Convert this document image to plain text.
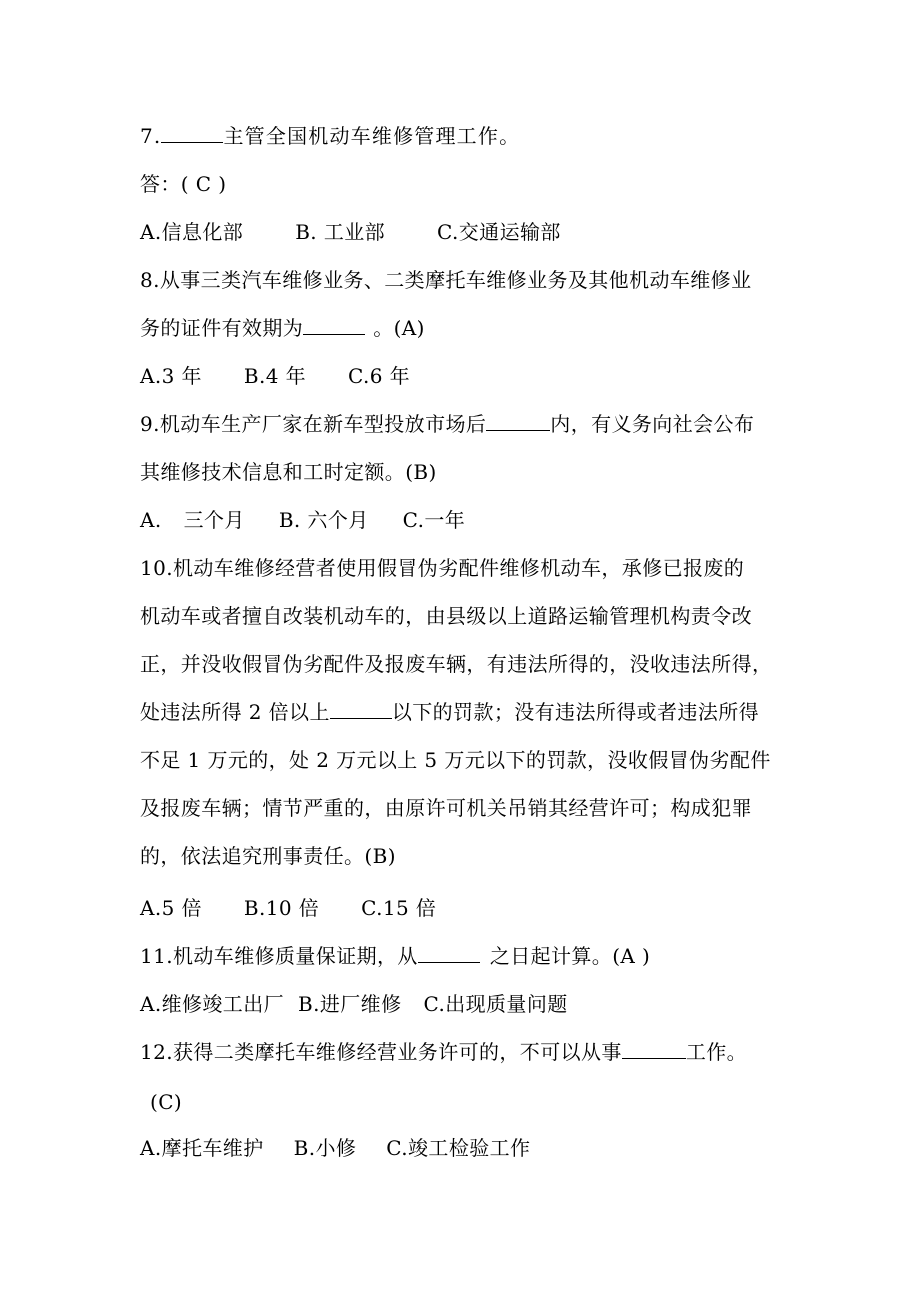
7.	主管全国机动车维修管理工作。
答：( C )
A.信息化部	B. 工业部	C.交通运输部
8.从事三类汽车维修业务、二类摩托车维修业务及其他机动车维修业
务的证件有效期为	。(A)
A.3 年 B.4 年 C.6 年
9.机动车生产厂家在新车型投放市场后	内，有义务向社会公布
其维修技术信息和工时定额。(B)
A. 三个月 B. 六个月 C.一年
10.机动车维修经营者使用假冒伪劣配件维修机动车，承修已报废的
机动车或者擅自改装机动车的，由县级以上道路运输管理机构责令改
正，并没收假冒伪劣配件及报废车辆，有违法所得的，没收违法所得，
处违法所得 2 倍以上	以下的罚款；没有违法所得或者违法所得
不足 1 万元的，处 2 万元以上 5 万元以下的罚款，没收假冒伪劣配件
及报废车辆；情节严重的，由原许可机关吊销其经营许可；构成犯罪
的，依法追究刑事责任。(B)
A.5 倍 B.10 倍 C.15 倍
11.机动车维修质量保证期，从	之日起计算。(A )
A.维修竣工出厂 B.进厂维修 C.出现质量问题
12.获得二类摩托车维修经营业务许可的，不可以从事	工作。
(C)
A.摩托车维护 B.小修 C.竣工检验工作
